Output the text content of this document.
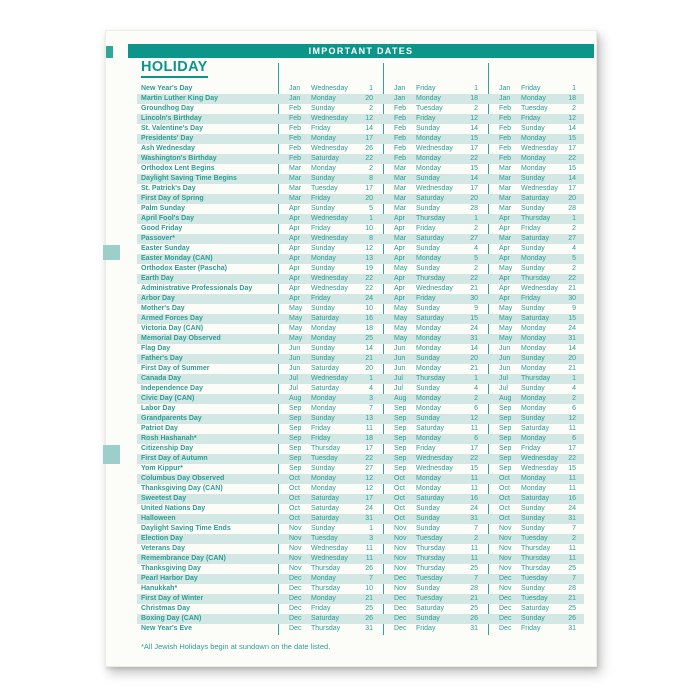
IMPORTANT DATES
HOLIDAY
New Year's Day	Jan Wednesday	1	Jan Friday	1	Jan Friday	1
Martin Luther King Day	Jan Monday	20	Jan Monday	18	Jan Monday	18
Groundhog Day	Feb Sunday	2	Feb Tuesday	2	Feb Tuesday	2
Lincoln's Birthday	Feb Wednesday 12	Feb Friday	12	Feb Friday	12
St. Valentine's Day	Feb Friday	14	Feb Sunday	14	Feb Sunday	14
Presidents' Day	Feb Monday	17	Feb Monday	15	Feb Monday	15
Ash Wednesday	Feb Wednesday 26	Feb Wednesday 17	Feb Wednesday 17
Washington's Birthday	Feb Saturday	22	Feb Monday	22	Feb Monday	22
Orthodox Lent Begins	Mar Monday	2	Mar Monday	15	Mar Monday	15
Daylight Saving Time Begins	Mar Sunday	8	Mar Sunday	14	Mar Sunday	14
St. Patrick's Day	Mar Tuesday	17	Mar Wednesday 17	Mar Wednesday 17
First Day of Spring	Mar Friday	20	Mar Saturday	20	Mar Saturday	20
Palm Sunday	Apr Sunday	5	Mar Sunday	28	Mar Sunday	28
April Fool's Day	Apr Wednesday	1	Apr Thursday	1	Apr Thursday	1
Good Friday	Apr Friday	10	Apr Friday	2	Apr Friday	2
Passover*	Apr Wednesday	8	Mar Saturday	27	Mar Saturday	27
Easter Sunday	Apr Sunday	12	Apr Sunday	4	Apr Sunday	4
Easter Monday (CAN)	Apr Monday	13	Apr Monday	5	Apr Monday	5
Orthodox Easter (Pascha)	Apr Sunday	19	May Sunday	2	May Sunday	2
Earth Day	Apr Wednesday 22	Apr Thursday	22	Apr Thursday	22
Administrative Professionals Day	Apr Wednesday 22	Apr Wednesday 21	Apr Wednesday 21
Arbor Day	Apr Friday	24	Apr Friday	30	Apr Friday	30
Mother's Day	May Sunday	10	May Sunday	9	May Sunday	9
Armed Forces Day	May Saturday	16	May Saturday	15	May Saturday	15
Victoria Day (CAN)	May Monday	18	May Monday	24	May Monday	24
Memorial Day Observed	May Monday	25	May Monday	31	May Monday	31
Flag Day	Jun Sunday	14	Jun Monday	14	Jun Monday	14
Father's Day	Jun Sunday	21	Jun Sunday	20	Jun Sunday	20
First Day of Summer	Jun Saturday	20	Jun Monday	21	Jun Monday	21
Canada Day	Jul Wednesday	1	Jul Thursday	1	Jul Thursday	1
Independence Day	Jul Saturday	4	Jul Sunday	4	Jul Sunday	4
Civic Day (CAN)	Aug Monday	3	Aug Monday	2	Aug Monday	2
Labor Day	Sep Monday	7	Sep Monday	6	Sep Monday	6
Grandparents Day	Sep Sunday	13	Sep Sunday	12	Sep Sunday	12
Patriot Day	Sep Friday	11	Sep Saturday	11	Sep Saturday	11
Rosh Hashanah*	Sep Friday	18	Sep Monday	6	Sep Monday	6
Citizenship Day	Sep Thursday	17	Sep Friday	17	Sep Friday	17
First Day of Autumn	Sep Tuesday	22	Sep Wednesday 22	Sep Wednesday 22
Yom Kippur*	Sep Sunday	27	Sep Wednesday 15	Sep Wednesday 15
Columbus Day Observed	Oct Monday	12	Oct Monday	11	Oct Monday	11
Thanksgiving Day (CAN)	Oct Monday	12	Oct Monday	11	Oct Monday	11
Sweetest Day	Oct Saturday	17	Oct Saturday	16	Oct Saturday	16
United Nations Day	Oct Saturday	24	Oct Sunday	24	Oct Sunday	24
Halloween	Oct Saturday	31	Oct Sunday	31	Oct Sunday	31
Daylight Saving Time Ends	Nov Sunday	1	Nov Sunday	7	Nov Sunday	7
Election Day	Nov Tuesday	3	Nov Tuesday	2	Nov Tuesday	2
Veterans Day	Nov Wednesday	11	Nov Thursday	11	Nov Thursday	11
Remembrance Day (CAN)	Nov Wednesday	11	Nov Thursday	11	Nov Thursday	11
Thanksgiving Day	Nov Thursday	26	Nov Thursday	25	Nov Thursday	25
Pearl Harbor Day	Dec Monday	7	Dec Tuesday	7	Dec Tuesday	7
Hanukkah*	Dec Thursday	10	Nov Sunday	28	Nov Sunday	28
First Day of Winter	Dec Monday	21	Dec Tuesday	21	Dec Tuesday	21
Christmas Day	Dec Friday	25	Dec Saturday	25	Dec Saturday	25
Boxing Day (CAN)	Dec Saturday	26	Dec Sunday	26	Dec Sunday	26
New Year's Eve	Dec Thursday	31	Dec Friday	31	Dec Friday	31
*All Jewish Holidays begin at sundown on the date listed.
